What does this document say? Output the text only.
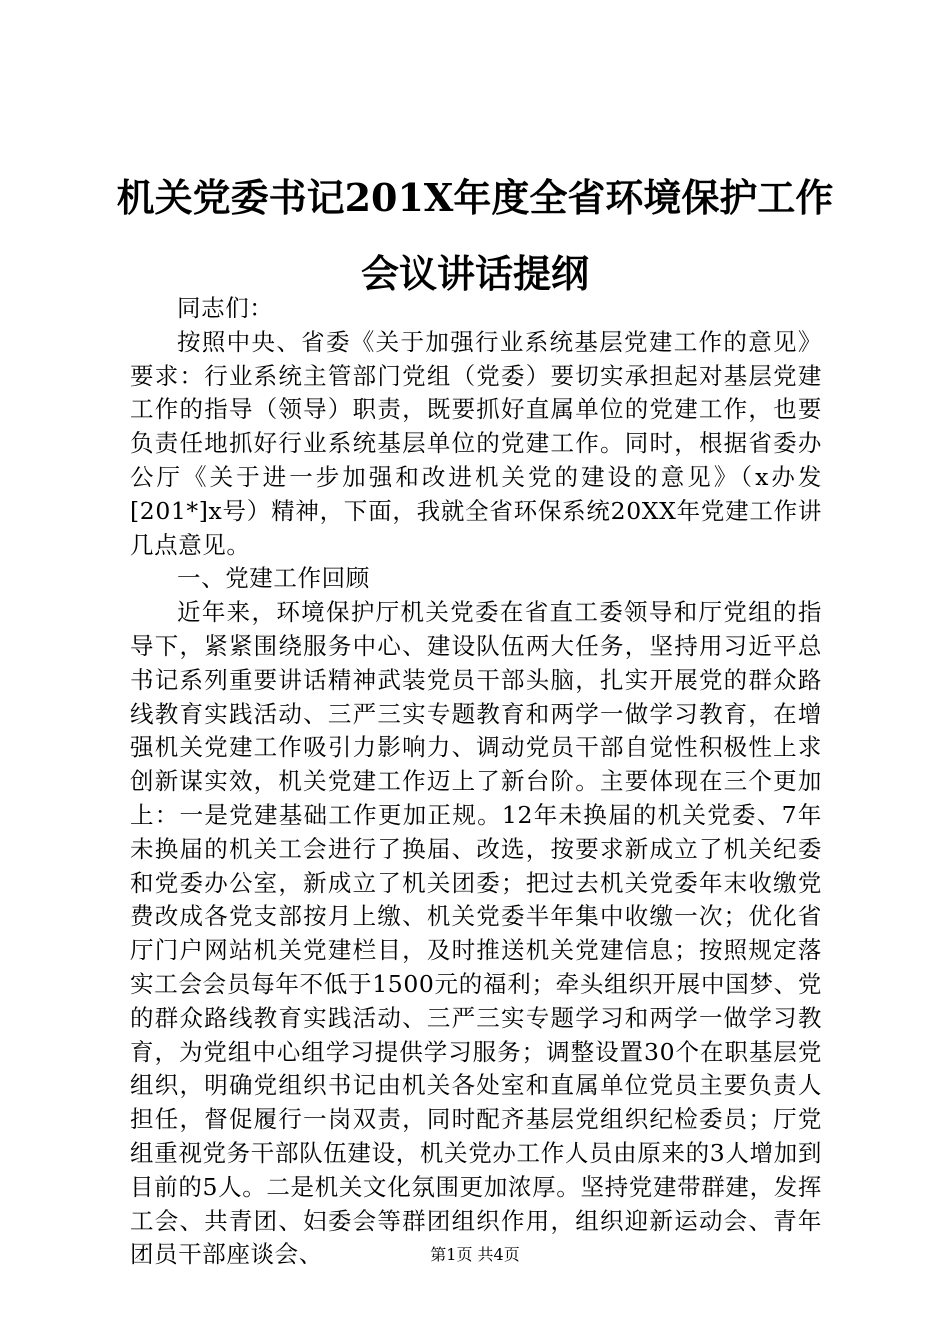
机关党委书记201X年度全省环境保护工作会议讲话提纲

同志们：

按照中央、省委《关于加强行业系统基层党建工作的意见》要求：行业系统主管部门党组（党委）要切实承担起对基层党建工作的指导（领导）职责，既要抓好直属单位的党建工作，也要负责任地抓好行业系统基层单位的党建工作。同时，根据省委办公厅《关于进一步加强和改进机关党的建设的意见》（x办发[201*]x号）精神，下面，我就全省环保系统20XX年党建工作讲几点意见。

一、党建工作回顾

近年来，环境保护厅机关党委在省直工委领导和厅党组的指导下，紧紧围绕服务中心、建设队伍两大任务，坚持用习近平总书记系列重要讲话精神武装党员干部头脑，扎实开展党的群众路线教育实践活动、三严三实专题教育和两学一做学习教育，在增强机关党建工作吸引力影响力、调动党员干部自觉性积极性上求创新谋实效，机关党建工作迈上了新台阶。主要体现在三个更加上：一是党建基础工作更加正规。12年未换届的机关党委、7年未换届的机关工会进行了换届、改选，按要求新成立了机关纪委和党委办公室，新成立了机关团委；把过去机关党委年末收缴党费改成各党支部按月上缴、机关党委半年集中收缴一次；优化省厅门户网站机关党建栏目，及时推送机关党建信息；按照规定落实工会会员每年不低于1500元的福利；牵头组织开展中国梦、党的群众路线教育实践活动、三严三实专题学习和两学一做学习教育，为党组中心组学习提供学习服务；调整设置30个在职基层党组织，明确党组织书记由机关各处室和直属单位党员主要负责人担任，督促履行一岗双责，同时配齐基层党组织纪检委员；厅党组重视党务干部队伍建设，机关党办工作人员由原来的3人增加到目前的5人。二是机关文化氛围更加浓厚。坚持党建带群建，发挥工会、共青团、妇委会等群团组织作用，组织迎新运动会、青年团员干部座谈会、	第1页 共4页
